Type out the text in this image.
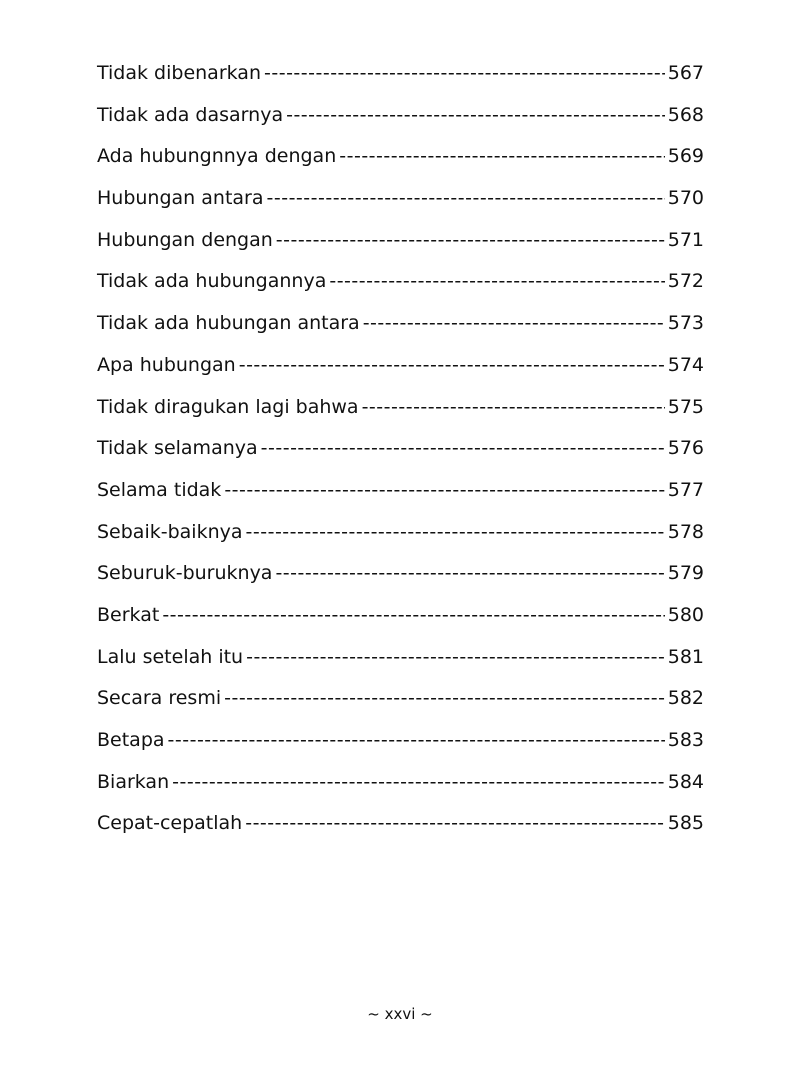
Tidak dibenarkan -----	567
Tidak ada dasarnya -----	568
Ada hubungnnya dengan -----	569
Hubungan antara -----	570
Hubungan dengan -----	571
Tidak ada hubungannya -----	572
Tidak ada hubungan antara -----	573
Apa hubungan -----	574
Tidak diragukan lagi bahwa -----	575
Tidak selamanya -----	576
Selama tidak -----	577
Sebaik-baiknya -----	578
Seburuk-buruknya -----	579
Berkat -----	580
Lalu setelah itu -----	581
Secara resmi -----	582
Betapa -----	583
Biarkan -----	584
Cepat-cepatlah -----	585
~ xxvi ~
